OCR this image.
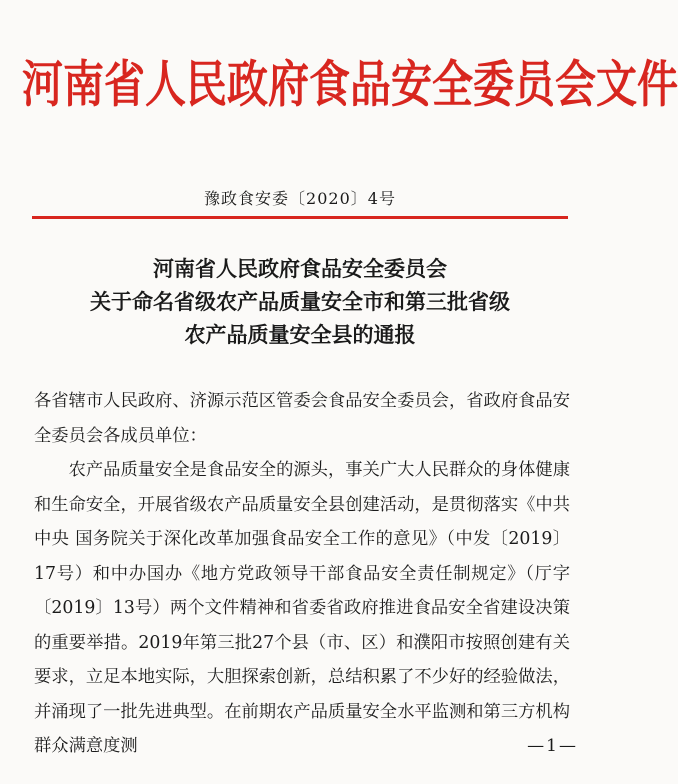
河南省人民政府食品安全委员会文件
豫政食安委〔2020〕4号
河南省人民政府食品安全委员会
关于命名省级农产品质量安全市和第三批省级
农产品质量安全县的通报

各省辖市人民政府、济源示范区管委会食品安全委员会，省政府食品安全委员会各成员单位：

农产品质量安全是食品安全的源头，事关广大人民群众的身体健康和生命安全，开展省级农产品质量安全县创建活动，是贯彻落实《中共中央 国务院关于深化改革加强食品安全工作的意见》（中发〔2019〕17号）和中办国办《地方党政领导干部食品安全责任制规定》（厅字〔2019〕13号）两个文件精神和省委省政府推进食品安全省建设决策的重要举措。2019年第三批27个县（市、区）和濮阳市按照创建有关要求，立足本地实际，大胆探索创新，总结积累了不少好的经验做法，并涌现了一批先进典型。在前期农产品质量安全水平监测和第三方机构群众满意度测	—1—
